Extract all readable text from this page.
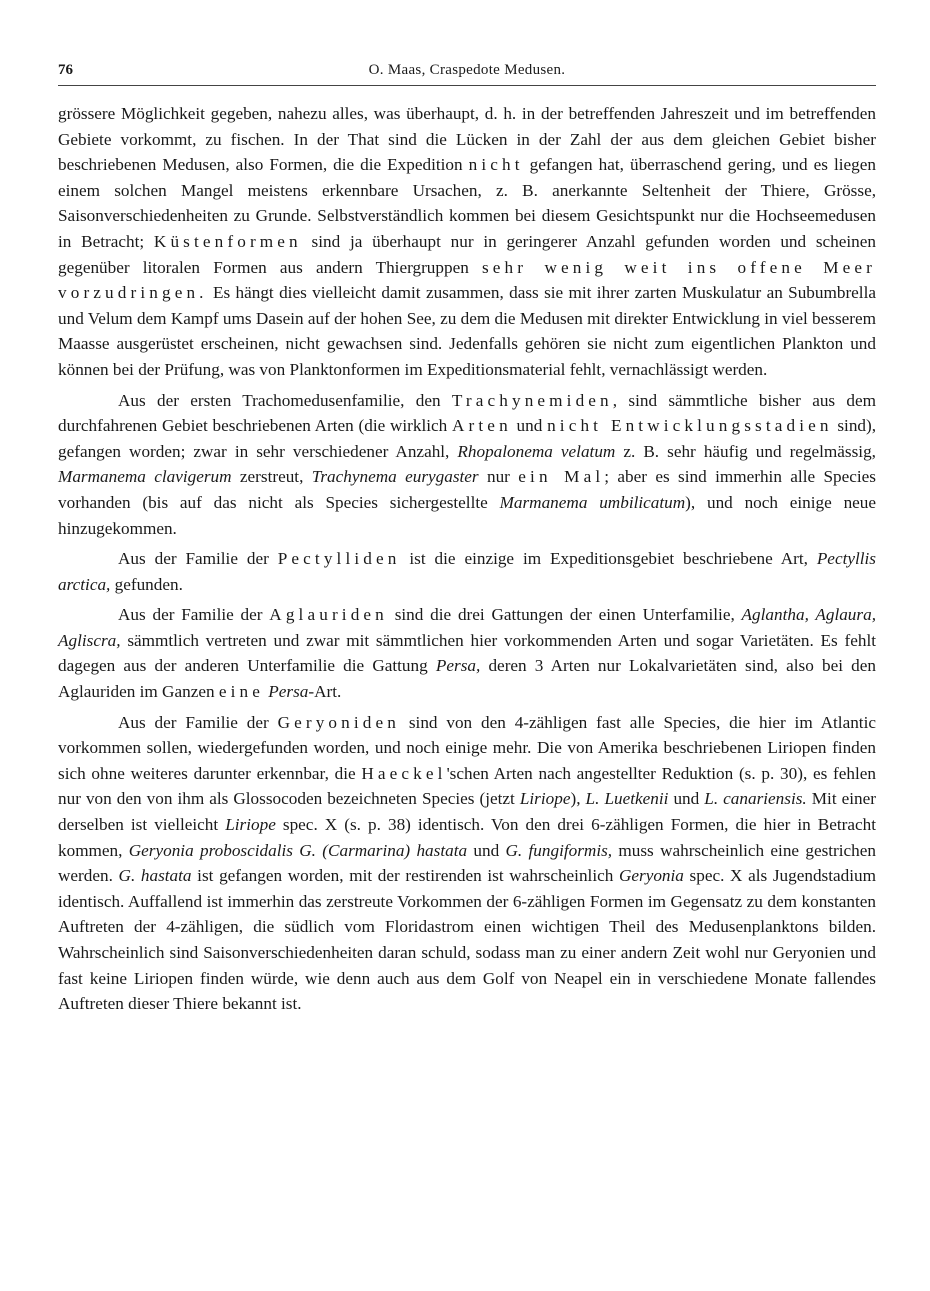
76	O. Maas, Craspedote Medusen.

grössere Möglichkeit gegeben, nahezu alles, was überhaupt, d. h. in der betreffenden Jahreszeit und im betreffenden Gebiete vorkommt, zu fischen. In der That sind die Lücken in der Zahl der aus dem gleichen Gebiet bisher beschriebenen Medusen, also Formen, die die Expedition nicht gefangen hat, überraschend gering, und es liegen einem solchen Mangel meistens erkennbare Ursachen, z. B. anerkannte Seltenheit der Thiere, Grösse, Saisonverschiedenheiten zu Grunde. Selbstverständlich kommen bei diesem Gesichtspunkt nur die Hochseemedusen in Betracht; Küstenformen sind ja überhaupt nur in geringerer Anzahl gefunden worden und scheinen gegenüber litoralen Formen aus andern Thiergruppen sehr wenig weit ins offene Meer vorzudringen. Es hängt dies vielleicht damit zusammen, dass sie mit ihrer zarten Muskulatur an Subumbrella und Velum dem Kampf ums Dasein auf der hohen See, zu dem die Medusen mit direkter Entwicklung in viel besserem Maasse ausgerüstet erscheinen, nicht gewachsen sind. Jedenfalls gehören sie nicht zum eigentlichen Plankton und können bei der Prüfung, was von Planktonformen im Expeditionsmaterial fehlt, vernachlässigt werden.

Aus der ersten Trachomedusenfamilie, den Trachynemiden, sind sämmtliche bisher aus dem durchfahrenen Gebiet beschriebenen Arten (die wirklich Arten und nicht Entwicklungsstadien sind), gefangen worden; zwar in sehr verschiedener Anzahl, Rhopalonema velatum z. B. sehr häufig und regelmässig, Marmanema clavigerum zerstreut, Trachynema eurygaster nur ein Mal; aber es sind immerhin alle Species vorhanden (bis auf das nicht als Species sichergestellte Marmanema umbilicatum), und noch einige neue hinzugekommen.

Aus der Familie der Pectylliden ist die einzige im Expeditionsgebiet beschriebene Art, Pectyllis arctica, gefunden.

Aus der Familie der Aglauriden sind die drei Gattungen der einen Unterfamilie, Aglantha, Aglaura, Agliscra, sämmtlich vertreten und zwar mit sämmtlichen hier vorkommenden Arten und sogar Varietäten. Es fehlt dagegen aus der anderen Unterfamilie die Gattung Persa, deren 3 Arten nur Lokalvarietäten sind, also bei den Aglauriden im Ganzen eine Persa-Art.

Aus der Familie der Geryoniden sind von den 4-zähligen fast alle Species, die hier im Atlantic vorkommen sollen, wiedergefunden worden, und noch einige mehr. Die von Amerika beschriebenen Liriopen finden sich ohne weiteres darunter erkennbar, die Haeckel'schen Arten nach angestellter Reduktion (s. p. 30), es fehlen nur von den von ihm als Glossocoden bezeichneten Species (jetzt Liriope), L. Luetkenii und L. canariensis. Mit einer derselben ist vielleicht Liriope spec. X (s. p. 38) identisch. Von den drei 6-zähligen Formen, die hier in Betracht kommen, Geryonia proboscidalis G. (Carmarina) hastata und G. fungiformis, muss wahrscheinlich eine gestrichen werden. G. hastata ist gefangen worden, mit der restirenden ist wahrscheinlich Geryonia spec. X als Jugendstadium identisch. Auffallend ist immerhin das zerstreute Vorkommen der 6-zähligen Formen im Gegensatz zu dem konstanten Auftreten der 4-zähligen, die südlich vom Floridastrom einen wichtigen Theil des Medusenplanktons bilden. Wahrscheinlich sind Saisonverschiedenheiten daran schuld, sodass man zu einer andern Zeit wohl nur Geryonien und fast keine Liriopen finden würde, wie denn auch aus dem Golf von Neapel ein in verschiedene Monate fallendes Auftreten dieser Thiere bekannt ist.
